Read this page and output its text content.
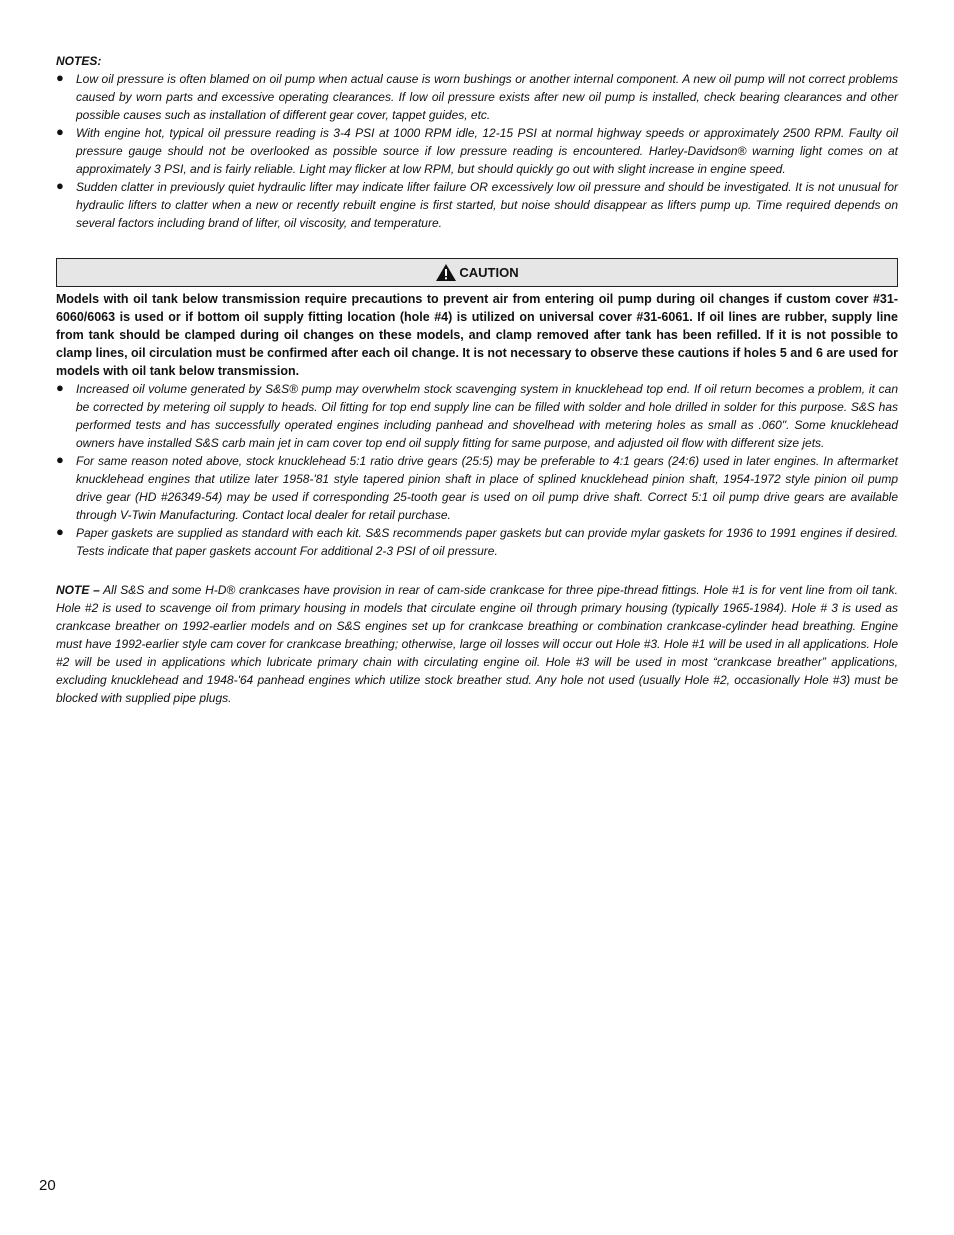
NOTES:

● Low oil pressure is often blamed on oil pump when actual cause is worn bushings or another internal component. A new oil pump will not correct problems caused by worn parts and excessive operating clearances. If low oil pressure exists after new oil pump is installed, check bearing clearances and other possible causes such as installation of different gear cover, tappet guides, etc.
● With engine hot, typical oil pressure reading is 3-4 PSI at 1000 RPM idle, 12-15 PSI at normal highway speeds or approximately 2500 RPM. Faulty oil pressure gauge should not be overlooked as possible source if low pressure reading is encountered. Harley-Davidson® warning light comes on at approximately 3 PSI, and is fairly reliable. Light may flicker at low RPM, but should quickly go out with slight increase in engine speed.
● Sudden clatter in previously quiet hydraulic lifter may indicate lifter failure OR excessively low oil pressure and should be investigated. It is not unusual for hydraulic lifters to clatter when a new or recently rebuilt engine is first started, but noise should disappear as lifters pump up. Time required depends on several factors including brand of lifter, oil viscosity, and temperature.
CAUTION

Models with oil tank below transmission require precautions to prevent air from entering oil pump during oil changes if custom cover #31-6060/6063 is used or if bottom oil supply fitting location (hole #4) is utilized on universal cover #31-6061. If oil lines are rubber, supply line from tank should be clamped during oil changes on these models, and clamp removed after tank has been refilled. If it is not possible to clamp lines, oil circulation must be confirmed after each oil change. It is not necessary to observe these cautions if holes 5 and 6 are used for models with oil tank below transmission.

● Increased oil volume generated by S&S® pump may overwhelm stock scavenging system in knucklehead top end. If oil return becomes a problem, it can be corrected by metering oil supply to heads. Oil fitting for top end supply line can be filled with solder and hole drilled in solder for this purpose. S&S has performed tests and has successfully operated engines including panhead and shovelhead with metering holes as small as .060". Some knucklehead owners have installed S&S carb main jet in cam cover top end oil supply fitting for same purpose, and adjusted oil flow with different size jets.
● For same reason noted above, stock knucklehead 5:1 ratio drive gears (25:5) may be preferable to 4:1 gears (24:6) used in later engines. In aftermarket knucklehead engines that utilize later 1958-'81 style tapered pinion shaft in place of splined knucklehead pinion shaft, 1954-1972 style pinion oil pump drive gear (HD #26349-54) may be used if corresponding 25-tooth gear is used on oil pump drive shaft. Correct 5:1 oil pump drive gears are available through V-Twin Manufacturing. Contact local dealer for retail purchase.
● Paper gaskets are supplied as standard with each kit. S&S recommends paper gaskets but can provide mylar gaskets for 1936 to 1991 engines if desired. Tests indicate that paper gaskets account For additional 2-3 PSI of oil pressure.

NOTE – All S&S and some H-D® crankcases have provision in rear of cam-side crankcase for three pipe-thread fittings. Hole #1 is for vent line from oil tank. Hole #2 is used to scavenge oil from primary housing in models that circulate engine oil through primary housing (typically 1965-1984). Hole # 3 is used as crankcase breather on 1992-earlier models and on S&S engines set up for crankcase breathing or combination crankcase-cylinder head breathing. Engine must have 1992-earlier style cam cover for crankcase breathing; otherwise, large oil losses will occur out Hole #3. Hole #1 will be used in all applications. Hole #2 will be used in applications which lubricate primary chain with circulating engine oil. Hole #3 will be used in most “crankcase breather” applications, excluding knucklehead and 1948-'64 panhead engines which utilize stock breather stud. Any hole not used (usually Hole #2, occasionally Hole #3) must be blocked with supplied pipe plugs.

20
